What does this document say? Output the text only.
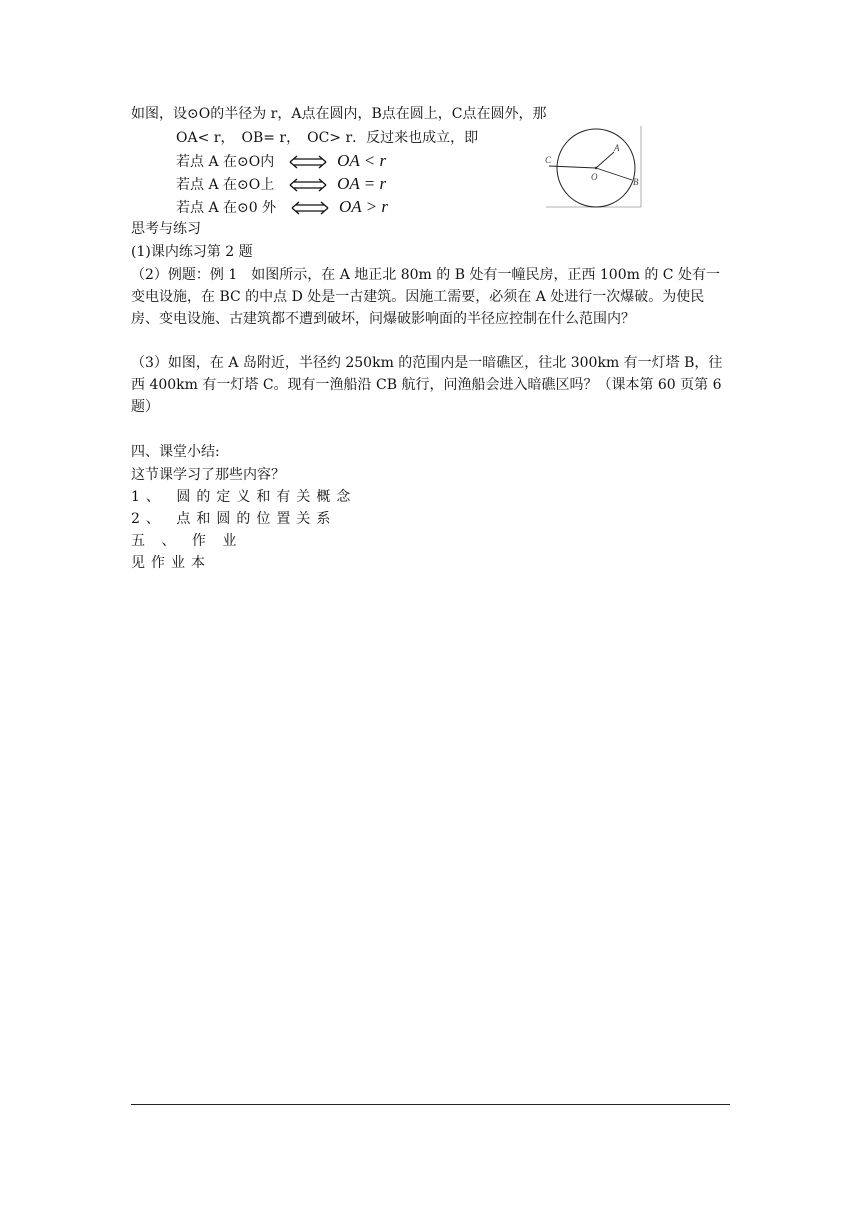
如图，设⊙O的半径为 r，A点在圆内，B点在圆上，C点在圆外，那
OA< r，　OB= r，　OC> r．反过来也成立，即
若点 A 在⊙O内	OA < r
若点 A 在⊙O上	OA = r
若点 A 在⊙0 外	OA > r
C
O
A
B
思考与练习
(1)课内练习第 2 题
（2）例题：例 1　如图所示，在 A 地正北 80m 的 B 处有一幢民房，正西 100m 的 C 处有一变电设施，在 BC 的中点 D 处是一古建筑。因施工需要，必须在 A 处进行一次爆破。为使民房、变电设施、古建筑都不遭到破坏，问爆破影响面的半径应控制在什么范围内？
（3）如图，在 A 岛附近，半径约 250km 的范围内是一暗礁区，往北 300km 有一灯塔 B，往西 400km 有一灯塔 C。现有一渔船沿 CB 航行，问渔船会进入暗礁区吗？（课本第 60 页第 6 题）
四、课堂小结:
这节课学习了那些内容？
1、 圆的定义和有关概念
2、 点和圆的位置关系
五 、 作 业
见作业本
